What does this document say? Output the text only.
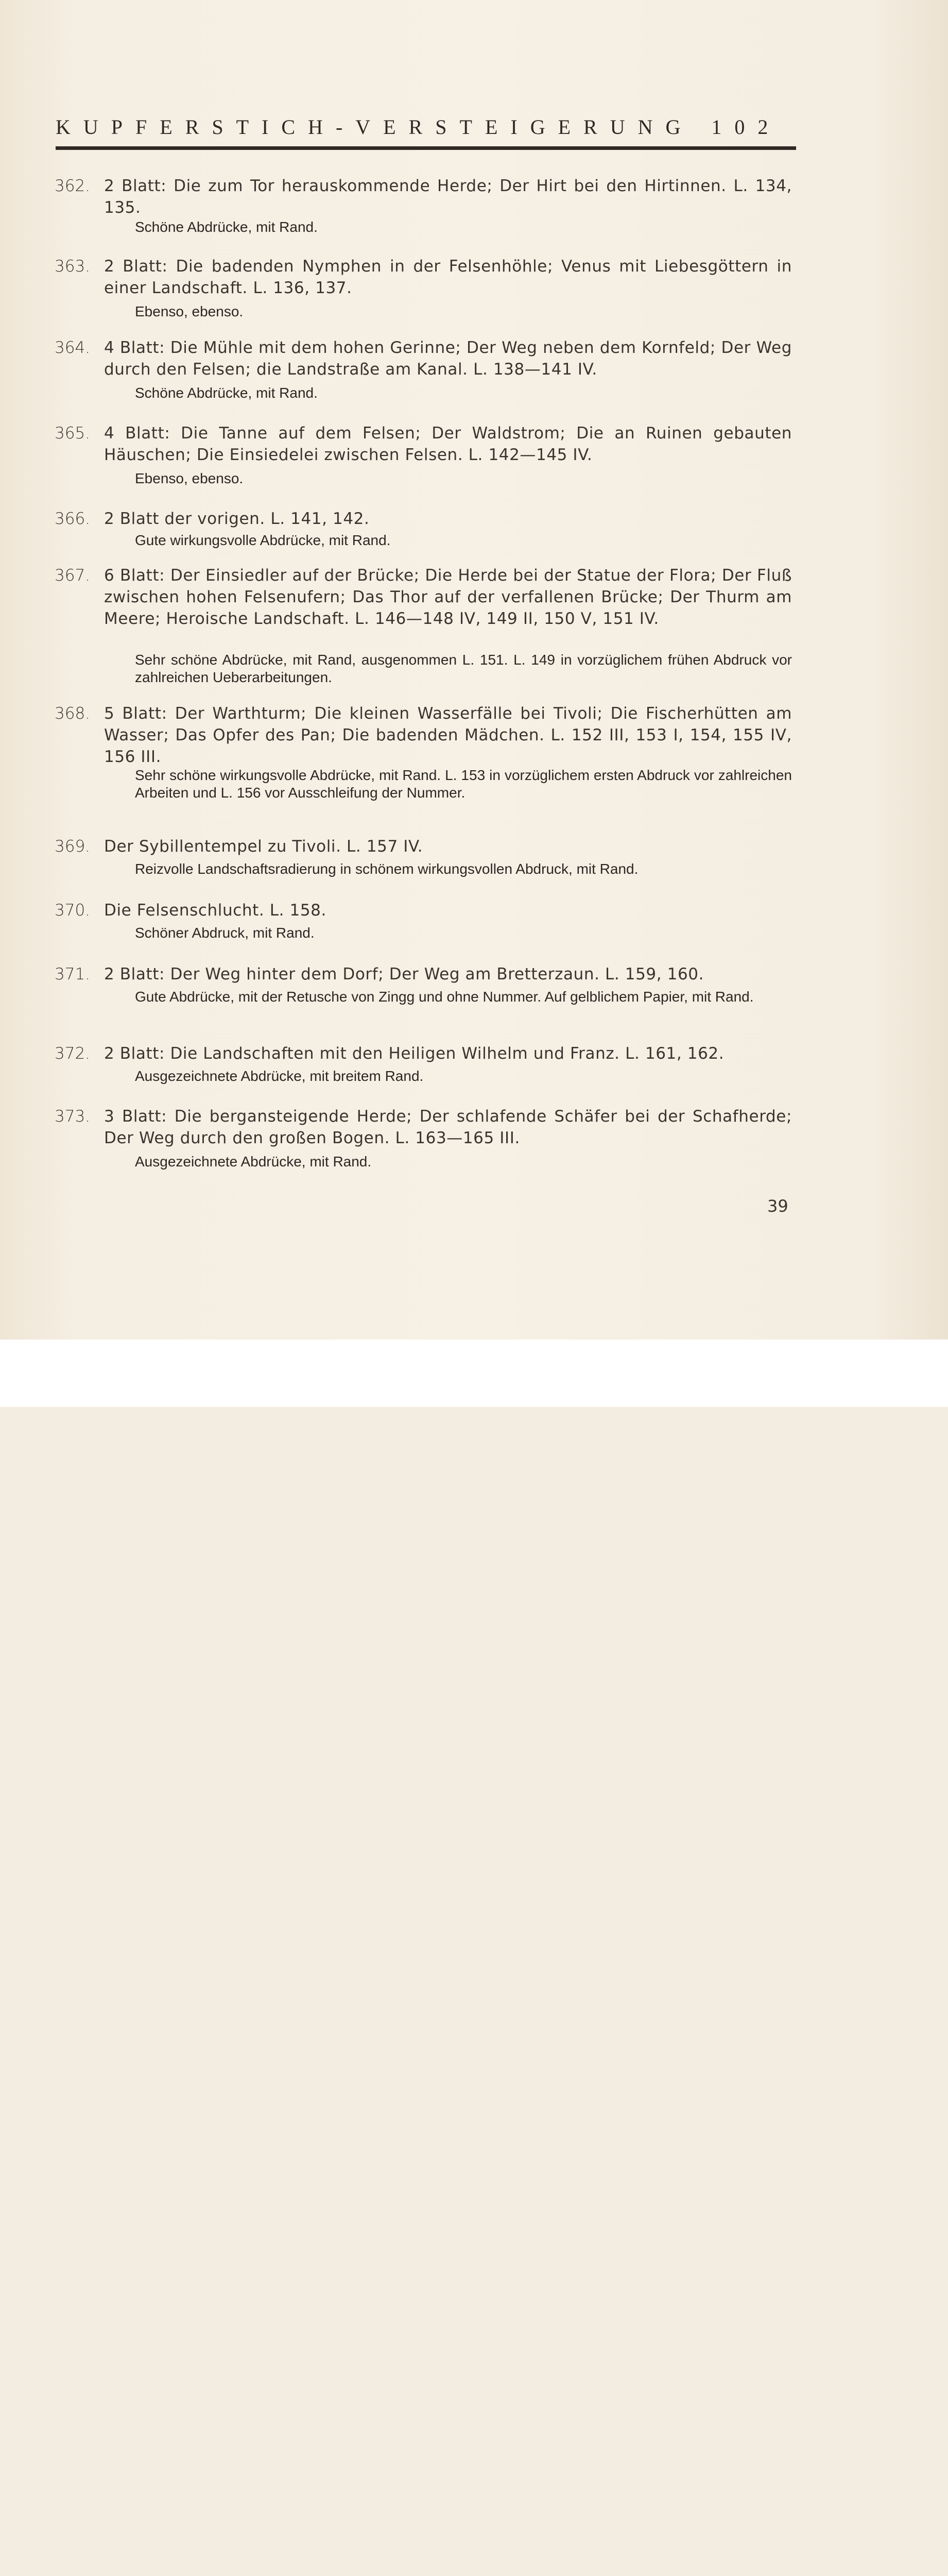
KUPFERSTICH-VERSTEIGERUNG 102
362. 2 Blatt: Die zum Tor herauskommende Herde; Der Hirt bei den Hirtinnen. L. 134, 135.
Schöne Abdrücke, mit Rand.
363. 2 Blatt: Die badenden Nymphen in der Felsenhöhle; Venus mit Liebesgöttern in einer Landschaft. L. 136, 137.
Ebenso, ebenso.
364. 4 Blatt: Die Mühle mit dem hohen Gerinne; Der Weg neben dem Kornfeld; Der Weg durch den Felsen; die Landstraße am Kanal. L. 138—141 IV.
Schöne Abdrücke, mit Rand.
365. 4 Blatt: Die Tanne auf dem Felsen; Der Waldstrom; Die an Ruinen gebauten Häuschen; Die Einsiedelei zwischen Felsen. L. 142—145 IV.
Ebenso, ebenso.
366. 2 Blatt der vorigen. L. 141, 142.
Gute wirkungsvolle Abdrücke, mit Rand.
367. 6 Blatt: Der Einsiedler auf der Brücke; Die Herde bei der Statue der Flora; Der Fluß zwischen hohen Felsenufern; Das Thor auf der verfallenen Brücke; Der Thurm am Meere; Heroische Landschaft. L. 146—148 IV, 149 II, 150 V, 151 IV.
Sehr schöne Abdrücke, mit Rand, ausgenommen L. 151. L. 149 in vorzüglichem frühen Abdruck vor zahlreichen Ueberarbeitungen.
368. 5 Blatt: Der Warthturm; Die kleinen Wasserfälle bei Tivoli; Die Fischerhütten am Wasser; Das Opfer des Pan; Die badenden Mädchen. L. 152 III, 153 I, 154, 155 IV, 156 III.
Sehr schöne wirkungsvolle Abdrücke, mit Rand. L. 153 in vorzüglichem ersten Abdruck vor zahlreichen Arbeiten und L. 156 vor Ausschleifung der Nummer.
369. Der Sybillentempel zu Tivoli. L. 157 IV.
Reizvolle Landschaftsradierung in schönem wirkungsvollen Abdruck, mit Rand.
370. Die Felsenschlucht. L. 158.
Schöner Abdruck, mit Rand.
371. 2 Blatt: Der Weg hinter dem Dorf; Der Weg am Bretterzaun. L. 159, 160.
Gute Abdrücke, mit der Retusche von Zingg und ohne Nummer. Auf gelblichem Papier, mit Rand.
372. 2 Blatt: Die Landschaften mit den Heiligen Wilhelm und Franz. L. 161, 162.
Ausgezeichnete Abdrücke, mit breitem Rand.
373. 3 Blatt: Die bergansteigende Herde; Der schlafende Schäfer bei der Schafherde; Der Weg durch den großen Bogen. L. 163—165 III.
Ausgezeichnete Abdrücke, mit Rand.
39
